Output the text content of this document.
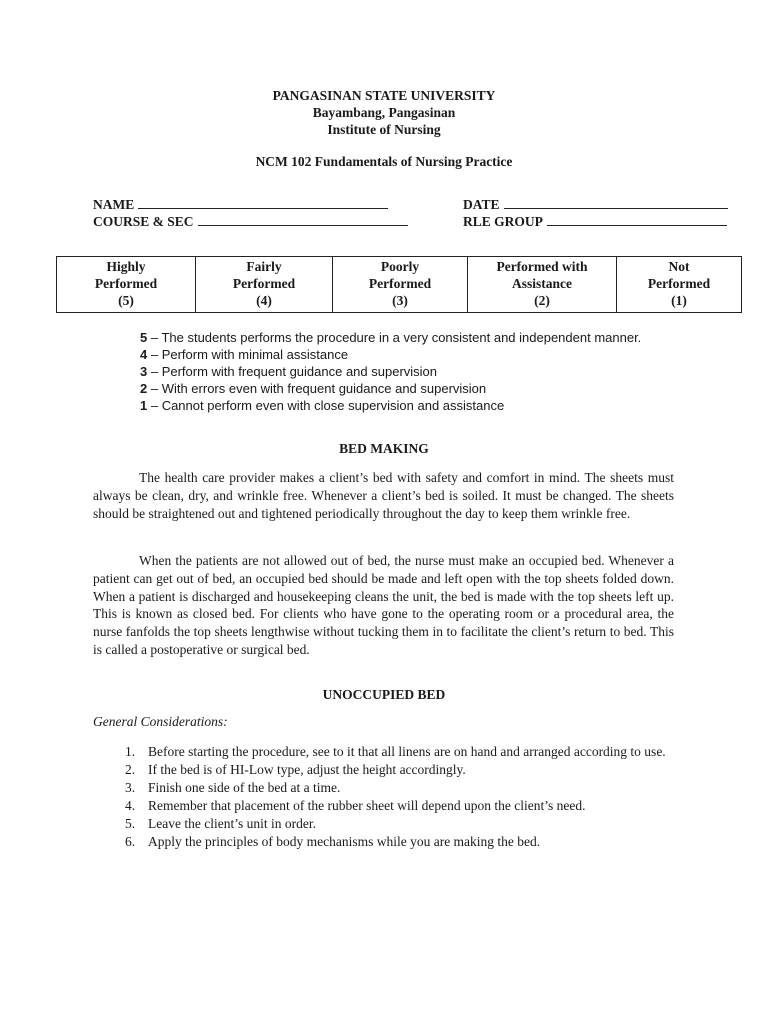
PANGASINAN STATE UNIVERSITY
Bayambang, Pangasinan
Institute of Nursing
NCM 102 Fundamentals of Nursing Practice
NAME
COURSE & SEC
DATE
RLE GROUP
Highly
Performed
(5)

Fairly
Performed
(4)

Poorly
Performed
(3)

Performed with
Assistance
(2)

Not
Performed
(1)
5 – The students performs the procedure in a very consistent and independent manner.
4 – Perform with minimal assistance
3 – Perform with frequent guidance and supervision
2 – With errors even with frequent guidance and supervision
1 – Cannot perform even with close supervision and assistance
BED MAKING
The health care provider makes a client’s bed with safety and comfort in mind. The sheets must always be clean, dry, and wrinkle free. Whenever a client’s bed is soiled. It must be changed. The sheets should be straightened out and tightened periodically throughout the day to keep them wrinkle free.
When the patients are not allowed out of bed, the nurse must make an occupied bed. Whenever a patient can get out of bed, an occupied bed should be made and left open with the top sheets folded down. When a patient is discharged and housekeeping cleans the unit, the bed is made with the top sheets left up. This is known as closed bed. For clients who have gone to the operating room or a procedural area, the nurse fanfolds the top sheets lengthwise without tucking them in to facilitate the client’s return to bed. This is called a postoperative or surgical bed.
UNOCCUPIED BED
General Considerations:
1. Before starting the procedure, see to it that all linens are on hand and arranged according to use.
2. If the bed is of HI-Low type, adjust the height accordingly.
3. Finish one side of the bed at a time.
4. Remember that placement of the rubber sheet will depend upon the client’s need.
5. Leave the client’s unit in order.
6. Apply the principles of body mechanisms while you are making the bed.
